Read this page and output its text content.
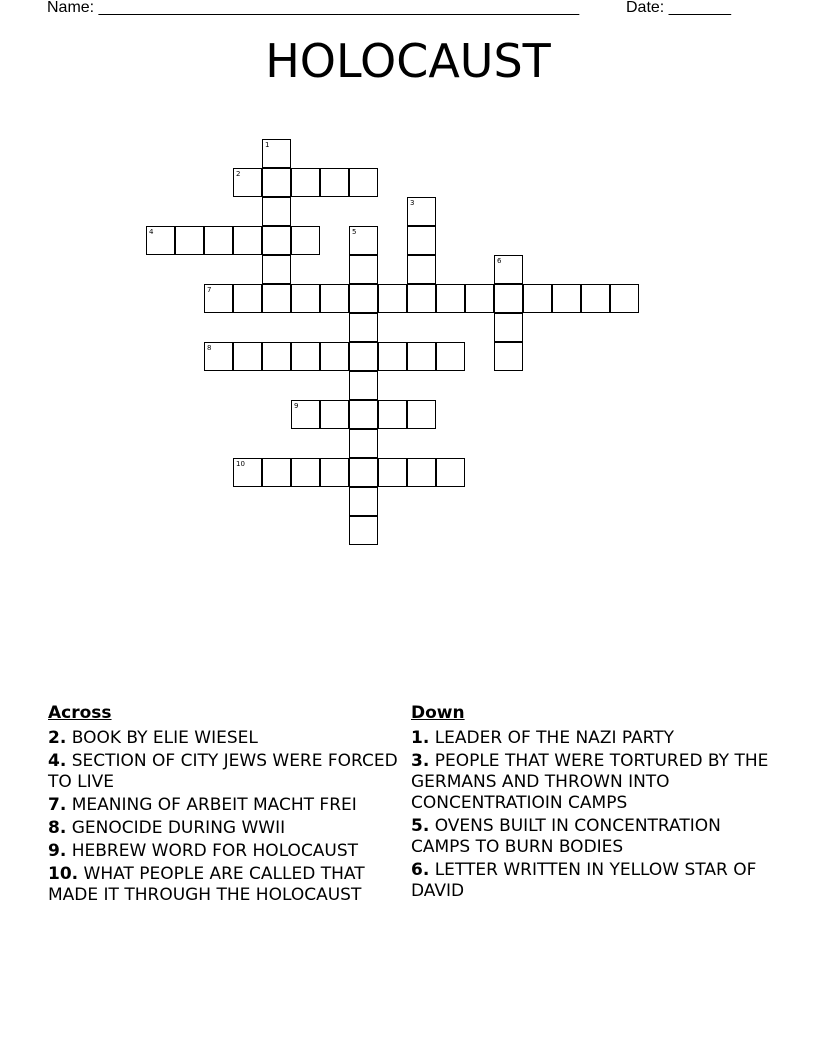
Name: ______________________________________________________

	Date: _______

HOLOCAUST
1
2
3
4	5
6
7
8
9
10
Across
2. BOOK BY ELIE WIESEL
4. SECTION OF CITY JEWS WERE FORCED TO LIVE
7. MEANING OF ARBEIT MACHT FREI
8. GENOCIDE DURING WWII
9. HEBREW WORD FOR HOLOCAUST
10. WHAT PEOPLE ARE CALLED THAT MADE IT THROUGH THE HOLOCAUST
Down
1. LEADER OF THE NAZI PARTY
3. PEOPLE THAT WERE TORTURED BY THE GERMANS AND THROWN INTO CONCENTRATIOIN CAMPS
5. OVENS BUILT IN CONCENTRATION CAMPS TO BURN BODIES
6. LETTER WRITTEN IN YELLOW STAR OF DAVID
